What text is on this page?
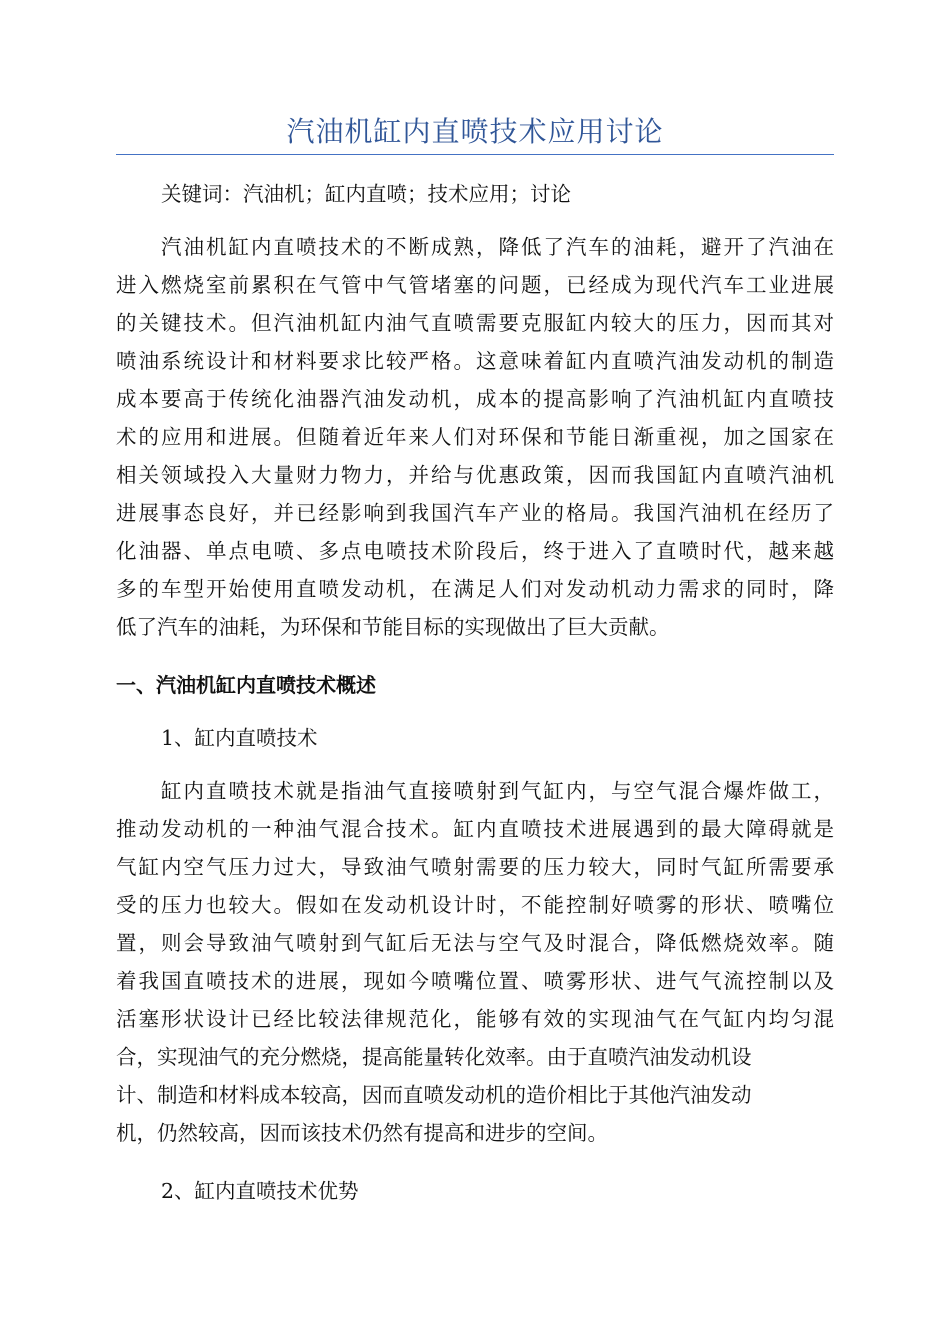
汽油机缸内直喷技术应用讨论
关键词：汽油机；缸内直喷；技术应用；讨论
汽油机缸内直喷技术的不断成熟，降低了汽车的油耗，避开了汽油在
进入燃烧室前累积在气管中气管堵塞的问题，已经成为现代汽车工业进展
的关键技术。但汽油机缸内油气直喷需要克服缸内较大的压力，因而其对
喷油系统设计和材料要求比较严格。这意味着缸内直喷汽油发动机的制造
成本要高于传统化油器汽油发动机，成本的提高影响了汽油机缸内直喷技
术的应用和进展。但随着近年来人们对环保和节能日渐重视，加之国家在
相关领域投入大量财力物力，并给与优惠政策，因而我国缸内直喷汽油机
进展事态良好，并已经影响到我国汽车产业的格局。我国汽油机在经历了
化油器、单点电喷、多点电喷技术阶段后，终于进入了直喷时代，越来越
多的车型开始使用直喷发动机，在满足人们对发动机动力需求的同时，降
低了汽车的油耗，为环保和节能目标的实现做出了巨大贡献。
一、汽油机缸内直喷技术概述
1、缸内直喷技术
缸内直喷技术就是指油气直接喷射到气缸内，与空气混合爆炸做工，
推动发动机的一种油气混合技术。缸内直喷技术进展遇到的最大障碍就是
气缸内空气压力过大，导致油气喷射需要的压力较大，同时气缸所需要承
受的压力也较大。假如在发动机设计时，不能控制好喷雾的形状、喷嘴位
置，则会导致油气喷射到气缸后无法与空气及时混合，降低燃烧效率。随
着我国直喷技术的进展，现如今喷嘴位置、喷雾形状、进气气流控制以及
活塞形状设计已经比较法律规范化，能够有效的实现油气在气缸内均匀混
合，实现油气的充分燃烧，提高能量转化效率。由于直喷汽油发动机设
计、制造和材料成本较高，因而直喷发动机的造价相比于其他汽油发动
机，仍然较高，因而该技术仍然有提高和进步的空间。
2、缸内直喷技术优势
